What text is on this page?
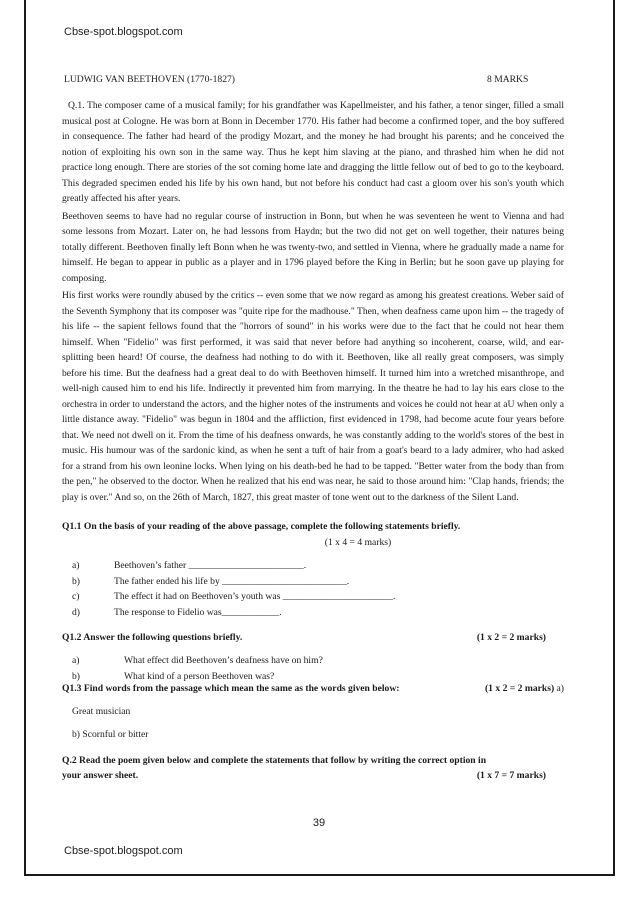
Cbse-spot.blogspot.com
LUDWIG VAN BEETHOVEN (1770-1827)	8 MARKS

Q.1. The composer came of a musical family; for his grandfather was Kapellmeister, and his father, a tenor singer, filled a small musical post at Cologne. He was born at Bonn in December 1770. His father had become a confirmed toper, and the boy suffered in consequence. The father had heard of the prodigy Mozart, and the money he had brought his parents; and he conceived the notion of exploiting his own son in the same way. Thus he kept him slaving at the piano, and thrashed him when he did not practice long enough. There are stories of the sot coming home late and dragging the little fellow out of bed to go to the keyboard. This degraded specimen ended his life by his own hand, but not before his conduct had cast a gloom over his son's youth which greatly affected his after years.

Beethoven seems to have had no regular course of instruction in Bonn, but when he was seventeen he went to Vienna and had some lessons from Mozart. Later on, he had lessons from Haydn; but the two did not get on well together, their natures being totally different. Beethoven finally left Bonn when he was twenty-two, and settled in Vienna, where he gradually made a name for himself. He began to appear in public as a player and in 1796 played before the King in Berlin; but he soon gave up playing for composing.

His first works were roundly abused by the critics -- even some that we now regard as among his greatest creations. Weber said of the Seventh Symphony that its composer was "quite ripe for the madhouse." Then, when deafness came upon him -- the tragedy of his life -- the sapient fellows found that the "horrors of sound" in his works were due to the fact that he could not hear them himself. When "Fidelio" was first performed, it was said that never before had anything so incoherent, coarse, wild, and ear-splitting been heard! Of course, the deafness had nothing to do with it. Beethoven, like all really great composers, was simply before his time. But the deafness had a great deal to do with Beethoven himself. It turned him into a wretched misanthrope, and well-nigh caused him to end his life. Indirectly it prevented him from marrying. In the theatre he had to lay his ears close to the orchestra in order to understand the actors, and the higher notes of the instruments and voices he could not hear at aU when only a little distance away. "Fidelio" was begun in 1804 and the affliction, first evidenced in 1798, had become acute four years before that. We need not dwell on it. From the time of his deafness onwards, he was constantly adding to the world's stores of the best in music. His humour was of the sardonic kind, as when he sent a tuft of hair from a goat's beard to a lady admirer, who had asked for a strand from his own leonine locks. When lying on his death-bed he had to be tapped. "Better water from the body than from the pen," he observed to the doctor. When he realized that his end was near, he said to those around him: "Clap hands, friends; the play is over." And so, on the 26th of March, 1827, this great master of tone went out to the darkness of the Silent Land.

Q1.1 On the basis of your reading of the above passage, complete the following statements briefly.
(1 x 4 = 4 marks)
a)	Beethoven’s father ________________________.
b)	The father ended his life by __________________________.
c)	The effect it had on Beethoven’s youth was _______________________.
d)	The response to Fidelio was____________.
Q1.2 Answer the following questions briefly.	(1 x 2 = 2 marks)
a)	What effect did Beethoven’s deafness have on him?
b)	What kind of a person Beethoven was?
Q1.3 Find words from the passage which mean the same as the words given below:	(1 x 2 = 2 marks) a)
Great musician
b) Scornful or bitter
Q.2 Read the poem given below and complete the statements that follow by writing the correct option in
your answer sheet.	(1 x 7 = 7 marks)
39
Cbse-spot.blogspot.com
